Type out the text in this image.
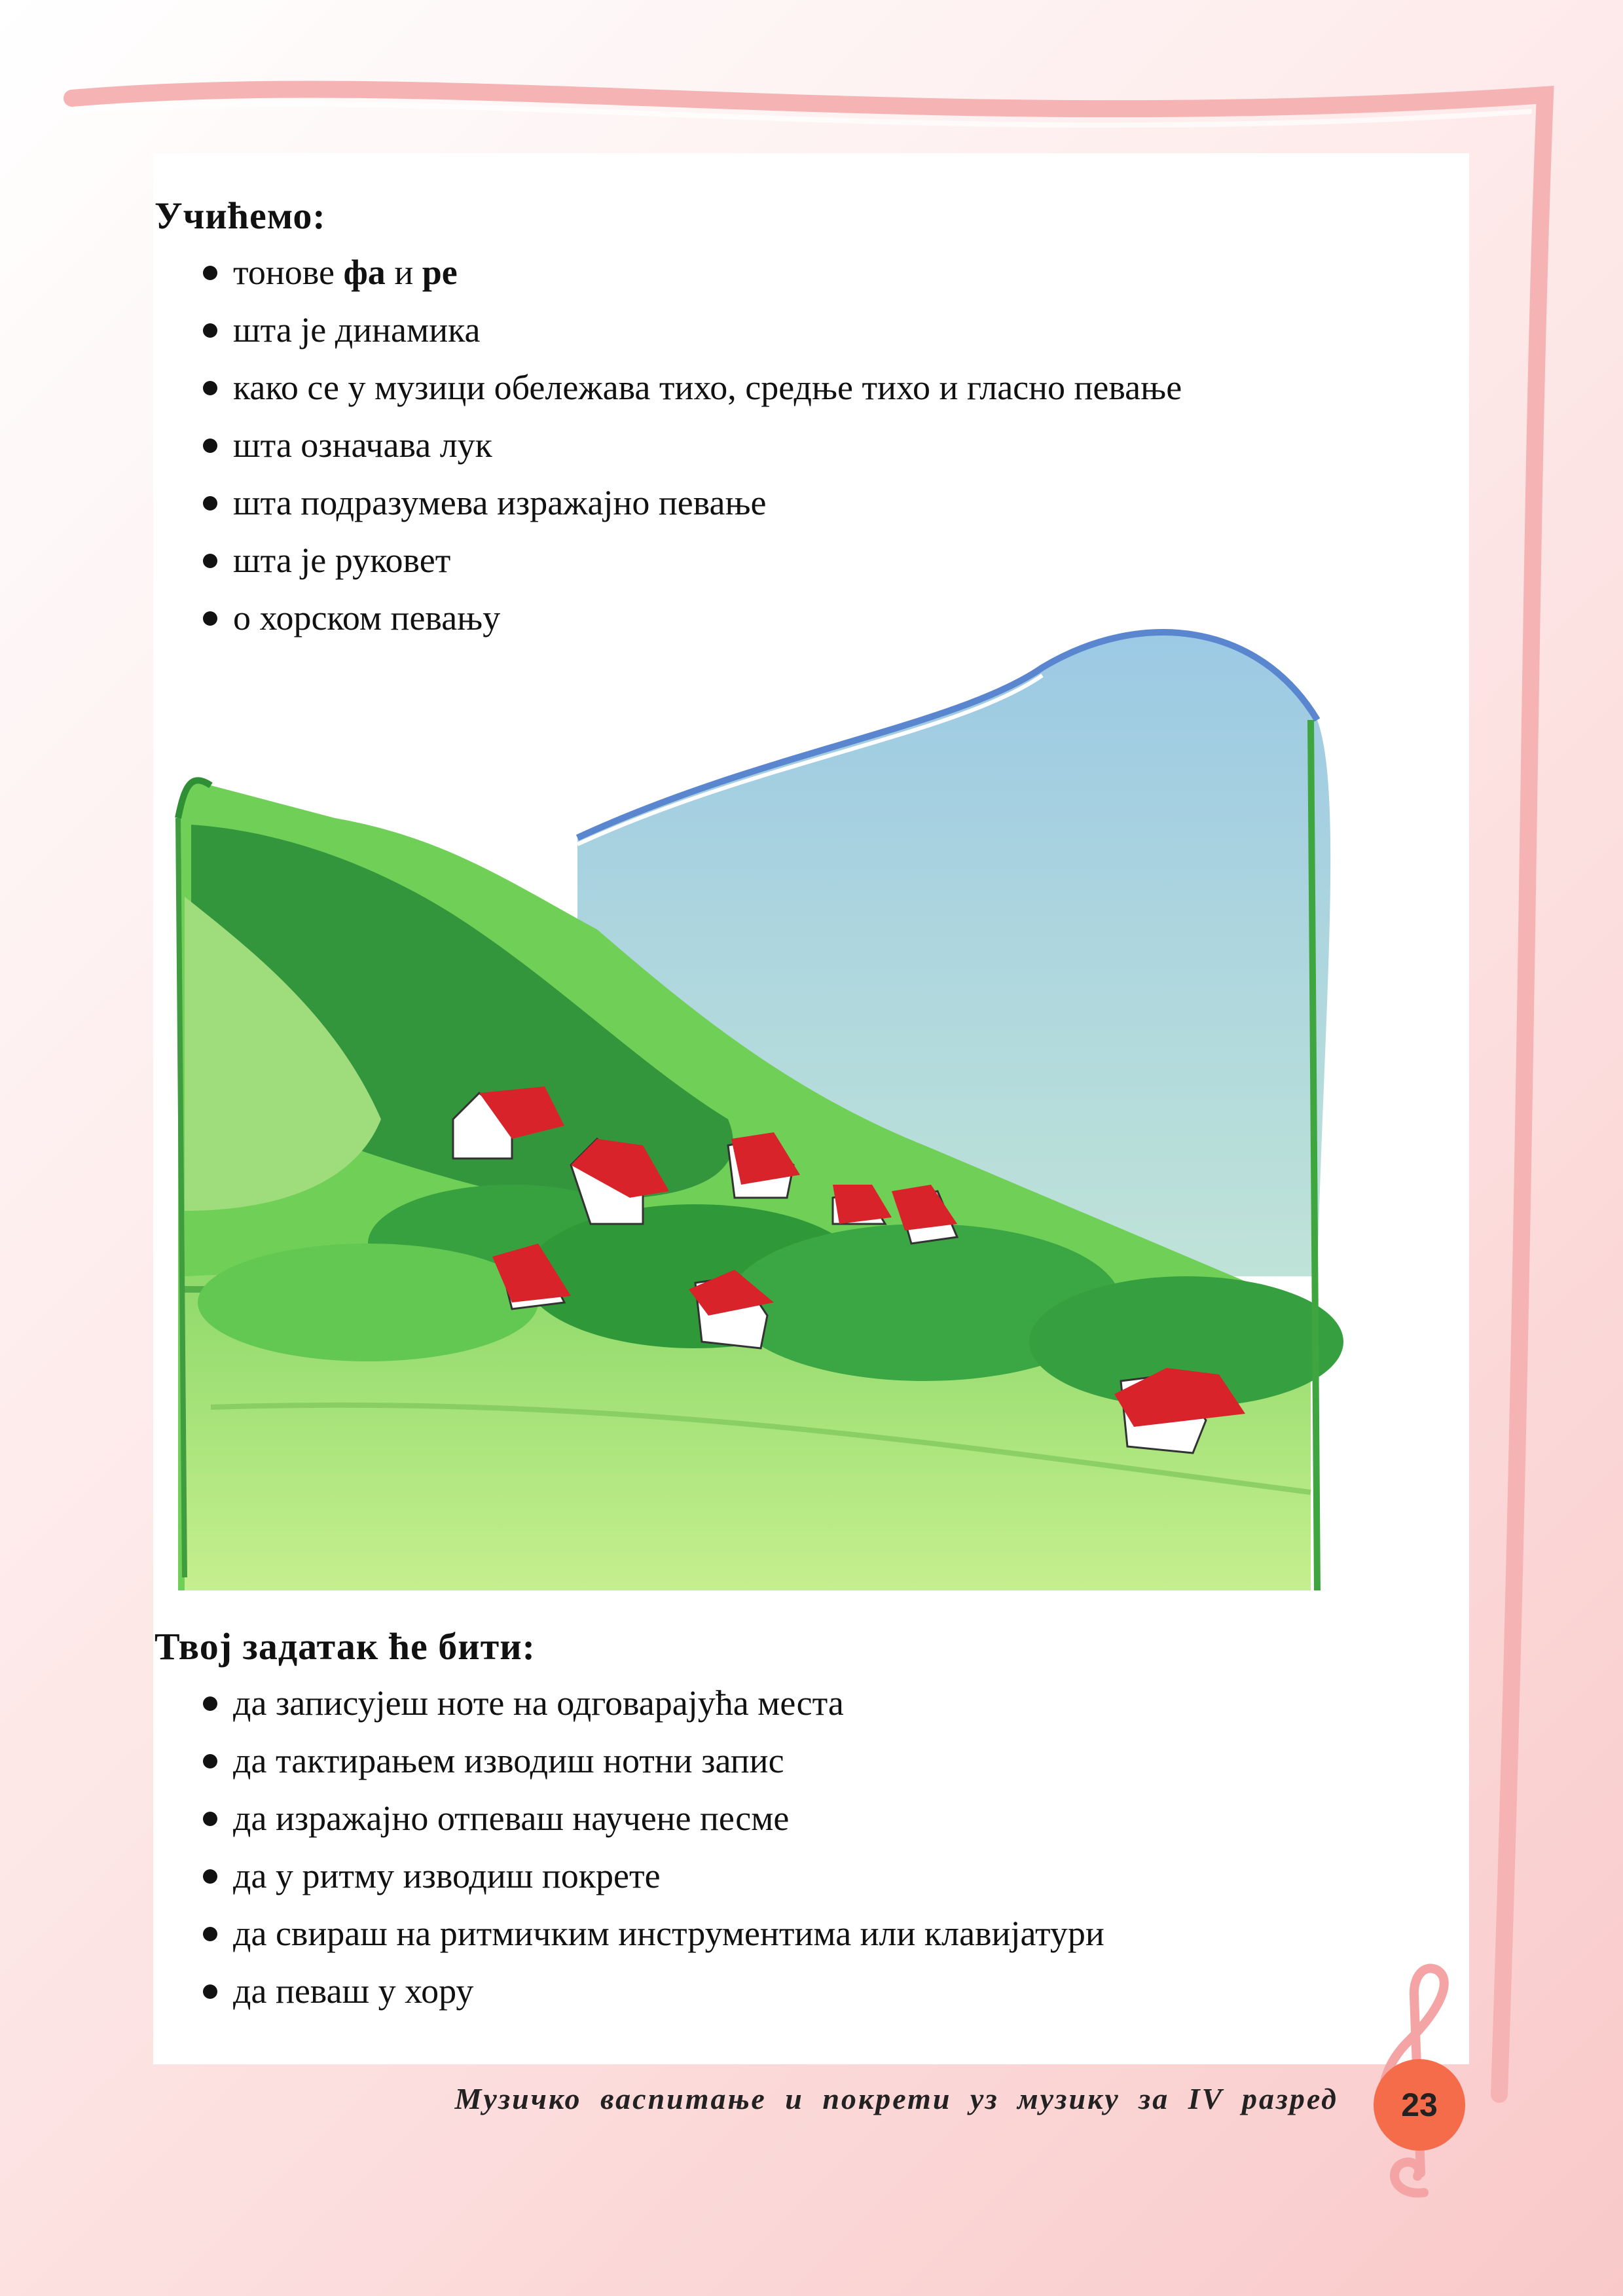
Учићемо:
тонове фа и ре
шта је динамика
како се у музици обележава тихо, средње тихо и гласно певање
шта означава лук
шта подразумева изражајно певање
шта је руковет
о хорском певању
Твој задатак ће бити:
да записујеш ноте на одговарајућа места
да тактирањем изводиш нотни запис
да изражајно отпеваш научене песме
да у ритму изводиш покрете
да свираш на ритмичким инструментима или клавијатури
да певаш у хору
Музичко васпитање и покрети уз музику за IV разред	23
